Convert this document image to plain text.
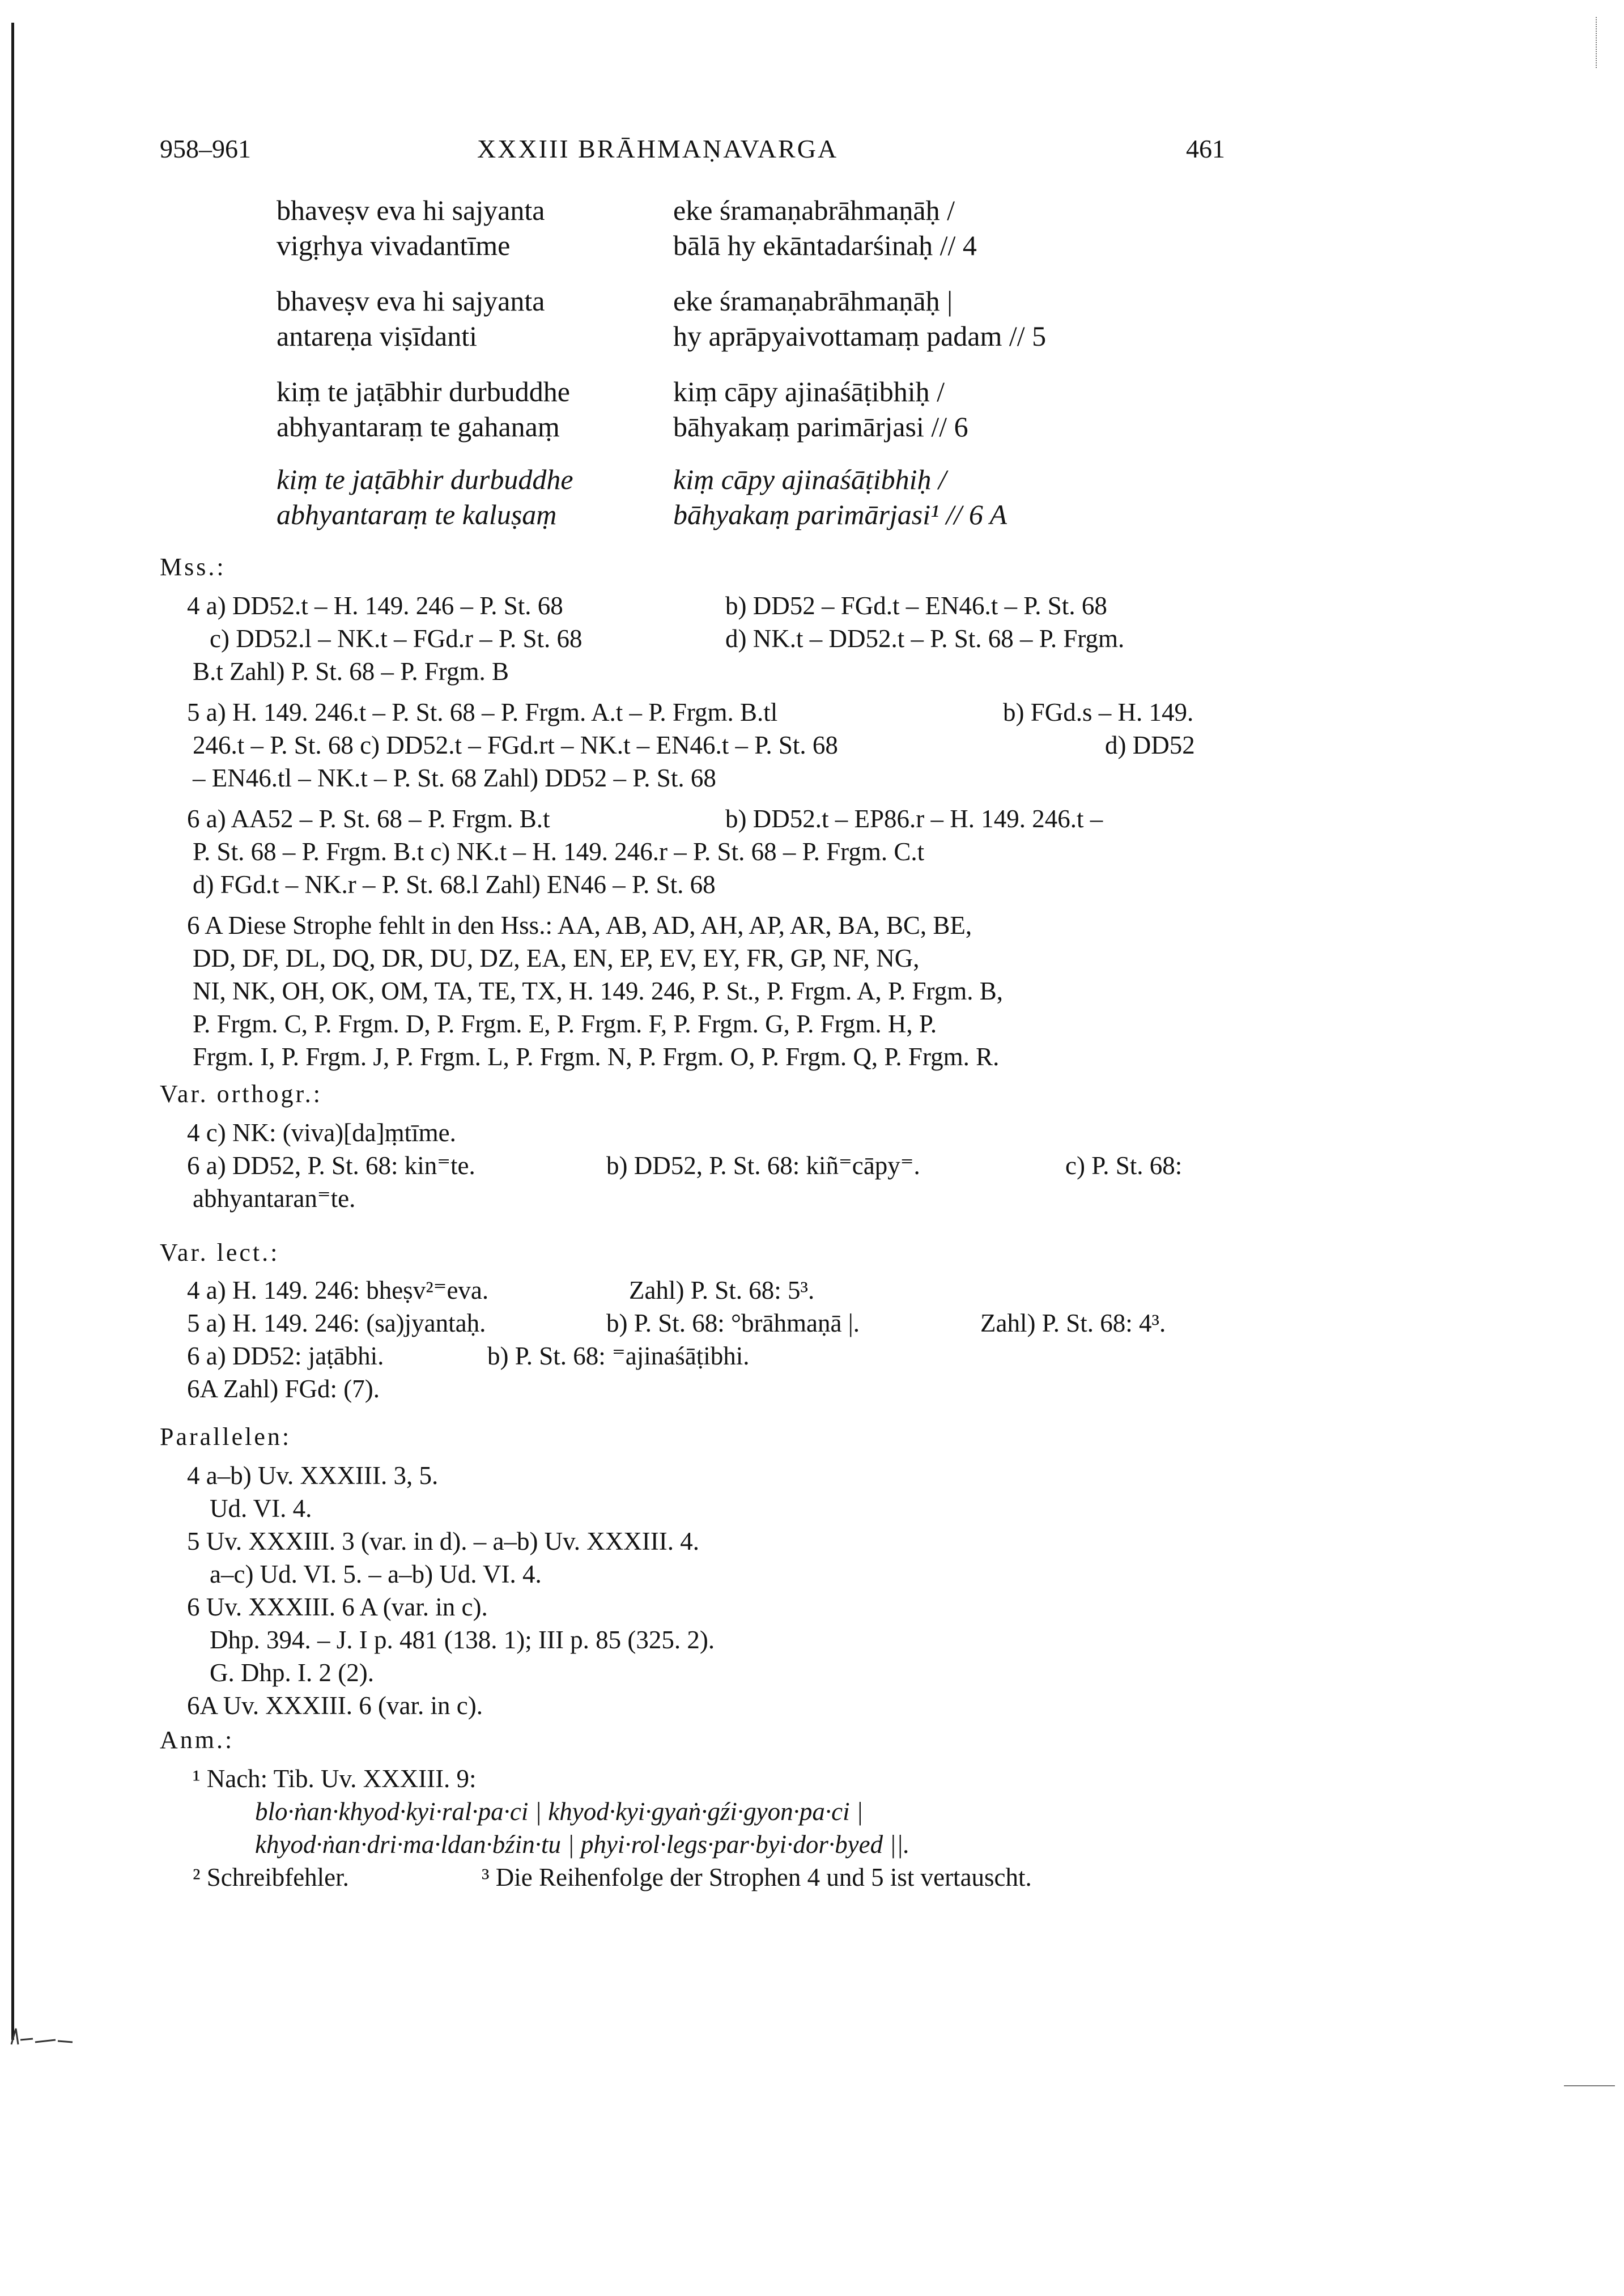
958–961	XXXIII BRĀHMAṆAVARGA	461
bhaveṣv eva hi sajyanta	eke śramaṇabrāhmaṇāḥ /
vigṛhya vivadantīme	bālā hy ekāntadarśinaḥ // 4
bhaveṣv eva hi sajyanta	eke śramaṇabrāhmaṇāḥ |
antareṇa viṣīdanti	hy aprāpyaivottamaṃ padam // 5
kiṃ te jaṭābhir durbuddhe	kiṃ cāpy ajinaśāṭibhiḥ /
abhyantaraṃ te gahanaṃ	bāhyakaṃ parimārjasi // 6
kiṃ te jaṭābhir durbuddhe	kiṃ cāpy ajinaśāṭibhiḥ /
abhyantaraṃ te kaluṣaṃ	bāhyakaṃ parimārjasi¹ // 6 A
Mss.:
4 a) DD52.t – H. 149. 246 – P. St. 68	b) DD52 – FGd.t – EN46.t – P. St. 68
c) DD52.l – NK.t – FGd.r – P. St. 68	d) NK.t – DD52.t – P. St. 68 – P. Frgm.
B.t Zahl) P. St. 68 – P. Frgm. B
5 a) H. 149. 246.t – P. St. 68 – P. Frgm. A.t – P. Frgm. B.tl	b) FGd.s – H. 149.
246.t – P. St. 68 c) DD52.t – FGd.rt – NK.t – EN46.t – P. St. 68	d) DD52
– EN46.tl – NK.t – P. St. 68 Zahl) DD52 – P. St. 68
6 a) AA52 – P. St. 68 – P. Frgm. B.t	b) DD52.t – EP86.r – H. 149. 246.t –
P. St. 68 – P. Frgm. B.t c) NK.t – H. 149. 246.r – P. St. 68 – P. Frgm. C.t
d) FGd.t – NK.r – P. St. 68.l Zahl) EN46 – P. St. 68
6 A Diese Strophe fehlt in den Hss.: AA, AB, AD, AH, AP, AR, BA, BC, BE,
DD, DF, DL, DQ, DR, DU, DZ, EA, EN, EP, EV, EY, FR, GP, NF, NG,
NI, NK, OH, OK, OM, TA, TE, TX, H. 149. 246, P. St., P. Frgm. A, P. Frgm. B,
P. Frgm. C, P. Frgm. D, P. Frgm. E, P. Frgm. F, P. Frgm. G, P. Frgm. H, P.
Frgm. I, P. Frgm. J, P. Frgm. L, P. Frgm. N, P. Frgm. O, P. Frgm. Q, P. Frgm. R.
Var. orthogr.:
4 c) NK: (viva)[da]ṃtīme.
6 a) DD52, P. St. 68: kin⁼te.	b) DD52, P. St. 68: kiñ⁼cāpy⁼.	c) P. St. 68:
abhyantaran⁼te.
Var. lect.:
4 a) H. 149. 246: bheṣv²⁼eva.	Zahl) P. St. 68: 5³.
5 a) H. 149. 246: (sa)jyantaḥ.	b) P. St. 68: °brāhmaṇā |.	Zahl) P. St. 68: 4³.
6 a) DD52: jaṭābhi.	b) P. St. 68: ⁼ajinaśāṭibhi.
6A Zahl) FGd: (7).
Parallelen:
4 a–b) Uv. XXXIII. 3, 5.
Ud. VI. 4.
5 Uv. XXXIII. 3 (var. in d). – a–b) Uv. XXXIII. 4.
a–c) Ud. VI. 5. – a–b) Ud. VI. 4.
6 Uv. XXXIII. 6 A (var. in c).
Dhp. 394. – J. I p. 481 (138. 1); III p. 85 (325. 2).
G. Dhp. I. 2 (2).
6A Uv. XXXIII. 6 (var. in c).
Anm.:
¹ Nach: Tib. Uv. XXXIII. 9:
blo·ṅan·khyod·kyi·ral·pa·ci | khyod·kyi·gyaṅ·gźi·gyon·pa·ci |
khyod·ṅan·dri·ma·ldan·bźin·tu | phyi·rol·legs·par·byi·dor·byed ||.
² Schreibfehler.	³ Die Reihenfolge der Strophen 4 und 5 ist vertauscht.
